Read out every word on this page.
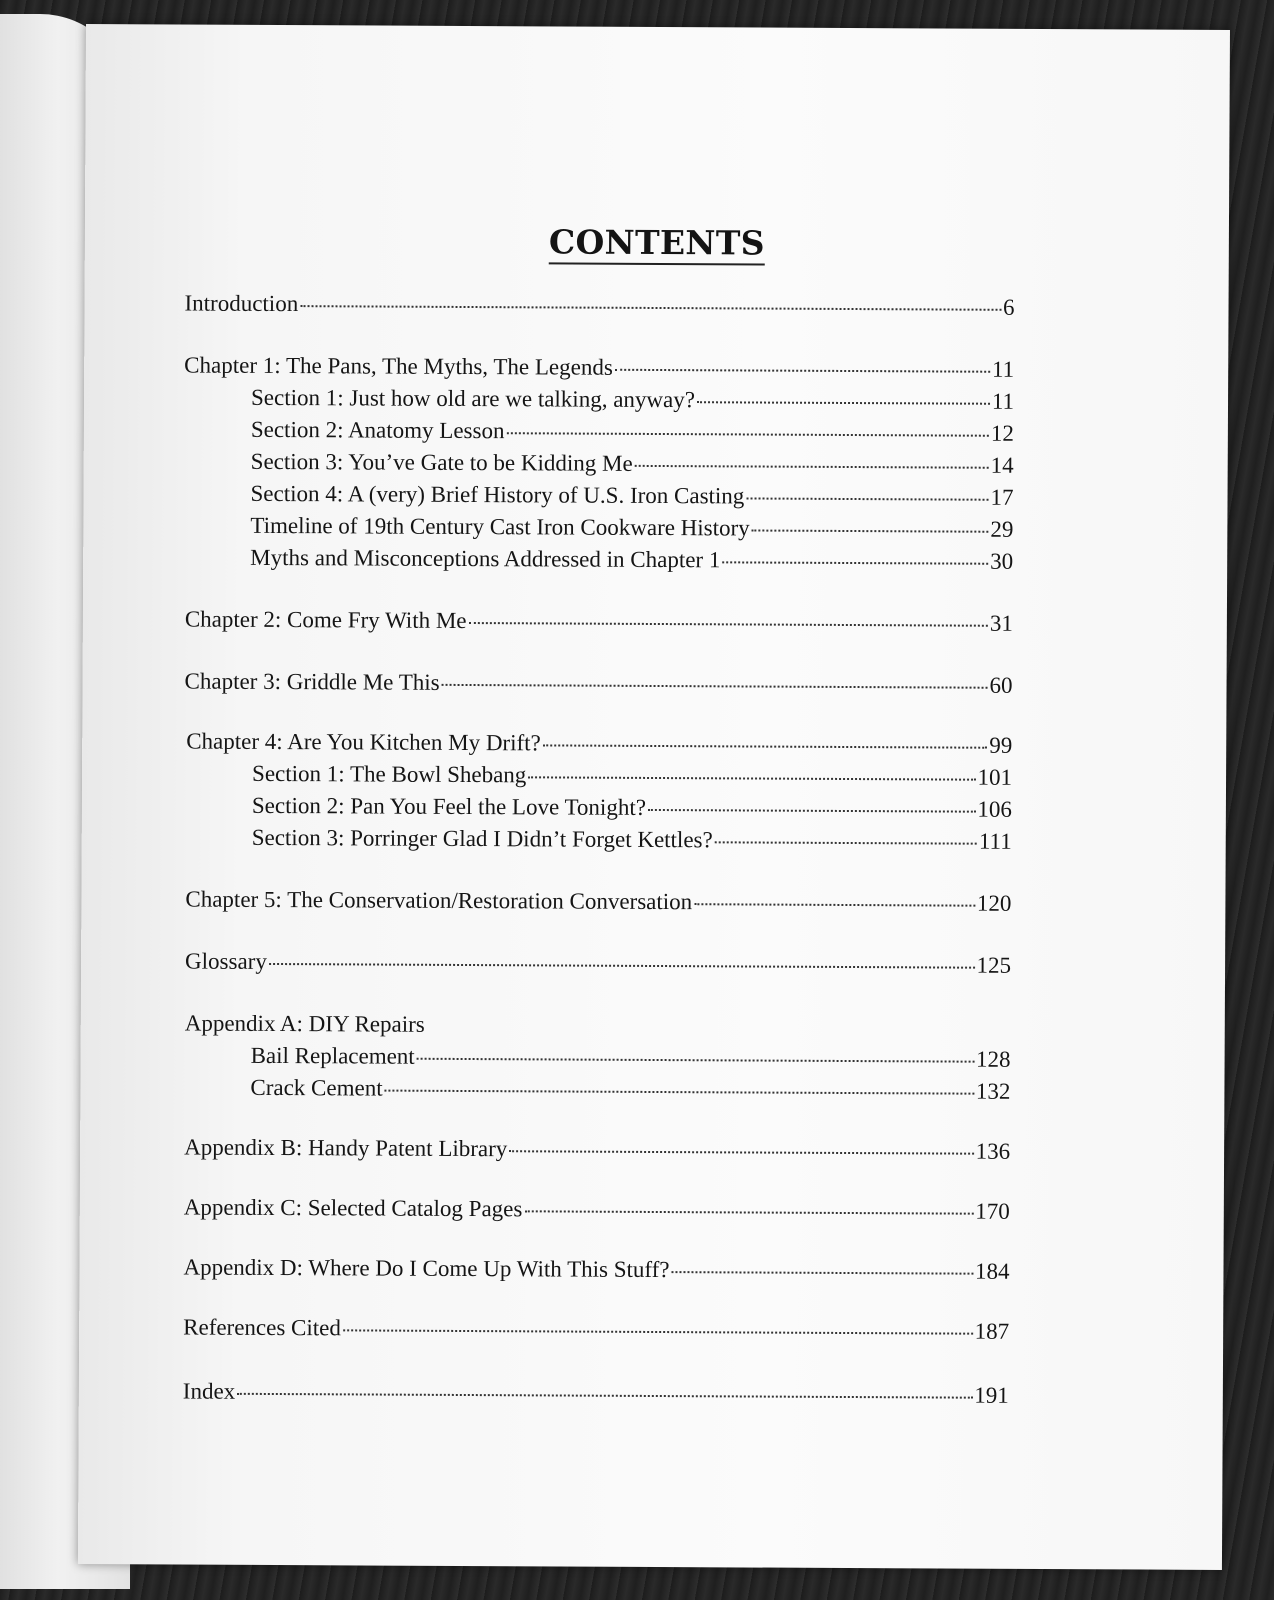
CONTENTS
Introduction	6
Chapter 1: The Pans, The Myths, The Legends	11
Section 1: Just how old are we talking, anyway?	11
Section 2: Anatomy Lesson	12
Section 3: You’ve Gate to be Kidding Me	14
Section 4: A (very) Brief History of U.S. Iron Casting	17
Timeline of 19th Century Cast Iron Cookware History	29
Myths and Misconceptions Addressed in Chapter 1	30
Chapter 2: Come Fry With Me	31
Chapter 3: Griddle Me This	60
Chapter 4: Are You Kitchen My Drift?	99
Section 1: The Bowl Shebang	101
Section 2: Pan You Feel the Love Tonight?	106
Section 3: Porringer Glad I Didn’t Forget Kettles?	111
Chapter 5: The Conservation/Restoration Conversation	120
Glossary	125
Appendix A: DIY Repairs
Bail Replacement	128
Crack Cement	132
Appendix B: Handy Patent Library	136
Appendix C: Selected Catalog Pages	170
Appendix D: Where Do I Come Up With This Stuff?	184
References Cited	187
Index	191
